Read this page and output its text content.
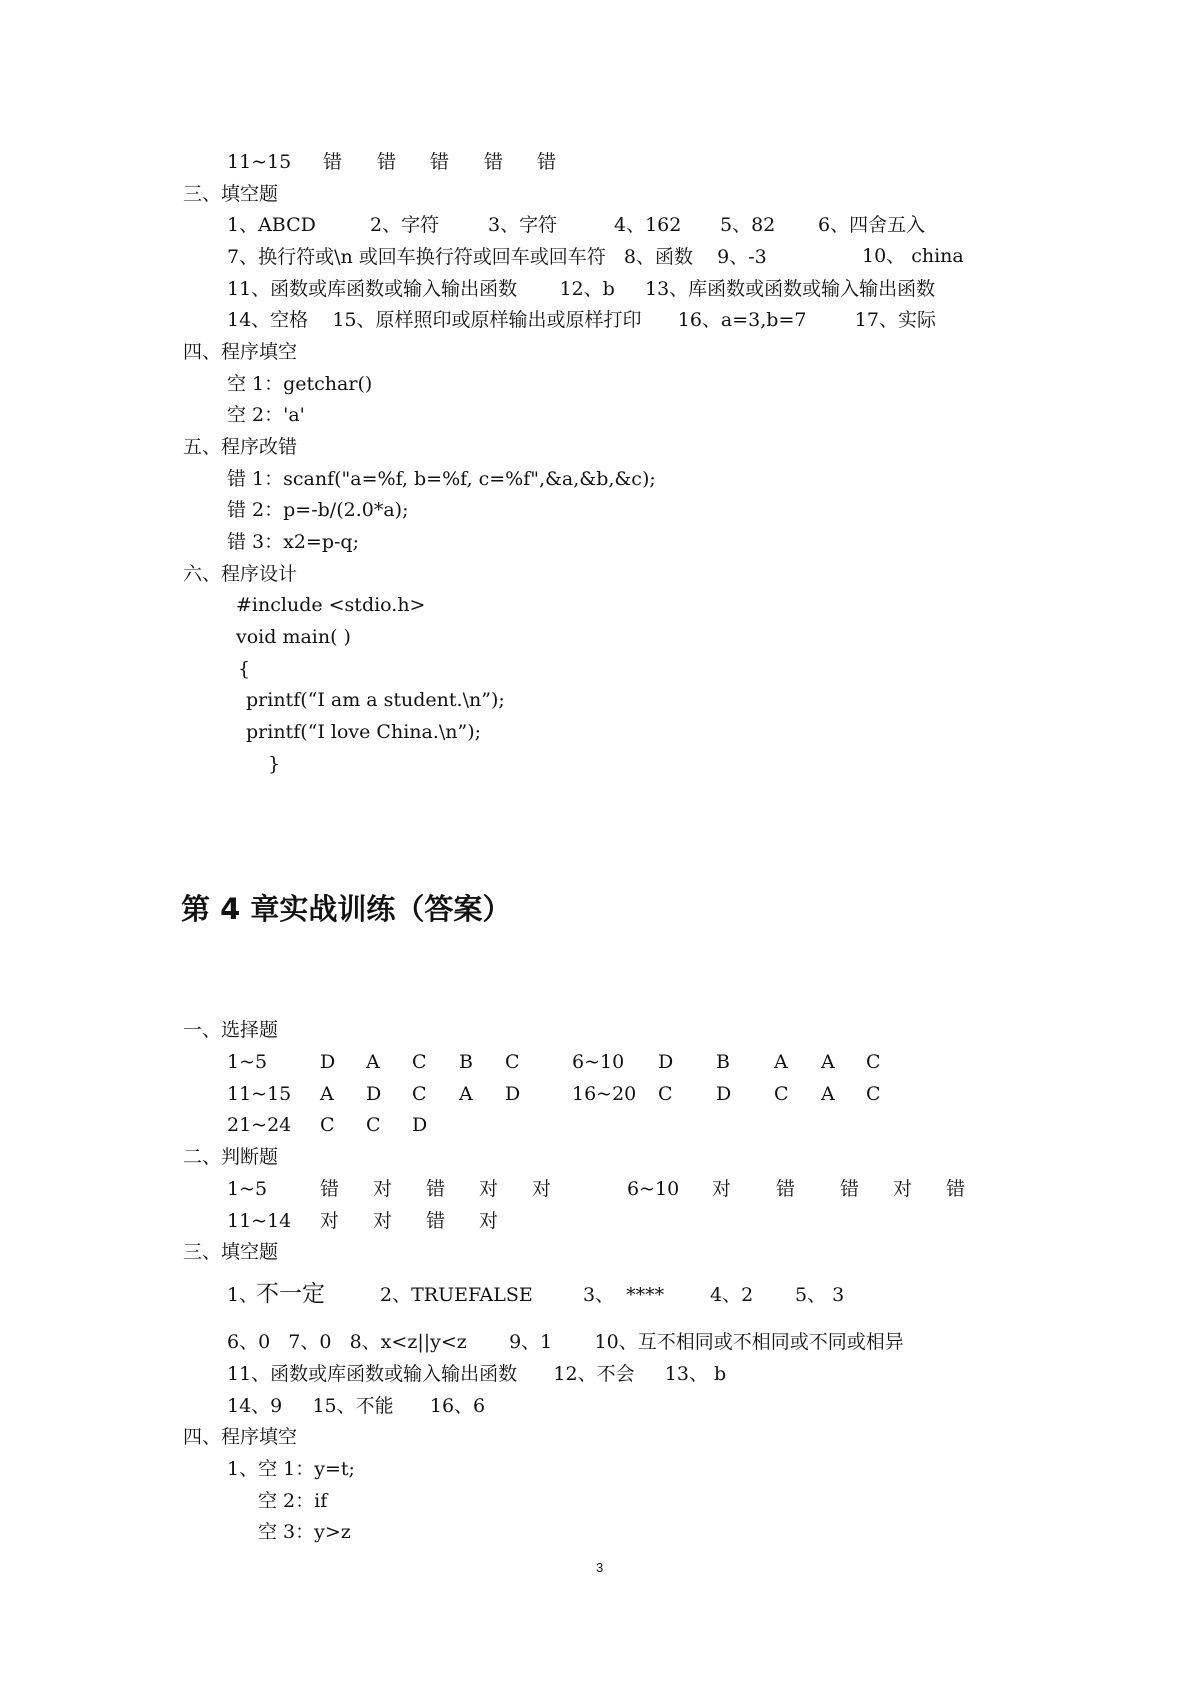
11~15 错 错 错 错 错
三、填空题
1、ABCD	2、字符	3、字符	4、162 5、82 6、四舍五入
7、换行符或\n 或回车换行符或回车或回车符   8、函数    9、-3	10、 china
11、函数或库函数或输入输出函数       12、b     13、库函数或函数或输入输出函数
14、空格    15、原样照印或原样输出或原样打印      16、a=3,b=7        17、实际
四、程序填空
空 1：getchar()
空 2：'a'
五、程序改错
错 1：scanf("a=%f, b=%f, c=%f",&a,&b,&c);
错 2：p=-b/(2.0*a);
错 3：x2=p-q;
六、程序设计
#include <stdio.h>
void main( )
{
printf(“I am a student.\n”);
printf(“I love China.\n”);
}
第 4 章实战训练（答案）
一、选择题
1~5	D A C B C	6~10 D B A A C
11~15 A D C A D	16~20 C D C A C
21~24 C C D
二、判断题
1~5	错 对 错 对 对	6~10 对 错 错 对 错
11~14 对 对 错 对
三、填空题
1、
不一定	2、TRUEFALSE	3、  **** 4、2 5、 3
6、0   7、0   8、x<z||y<z       9、1       10、互不相同或不相同或不同或相异
11、函数或库函数或输入输出函数      12、不会     13、 b
14、9     15、不能      16、6
四、程序填空
1、空 1：y=t;
空 2：if
空 3：y>z
3
